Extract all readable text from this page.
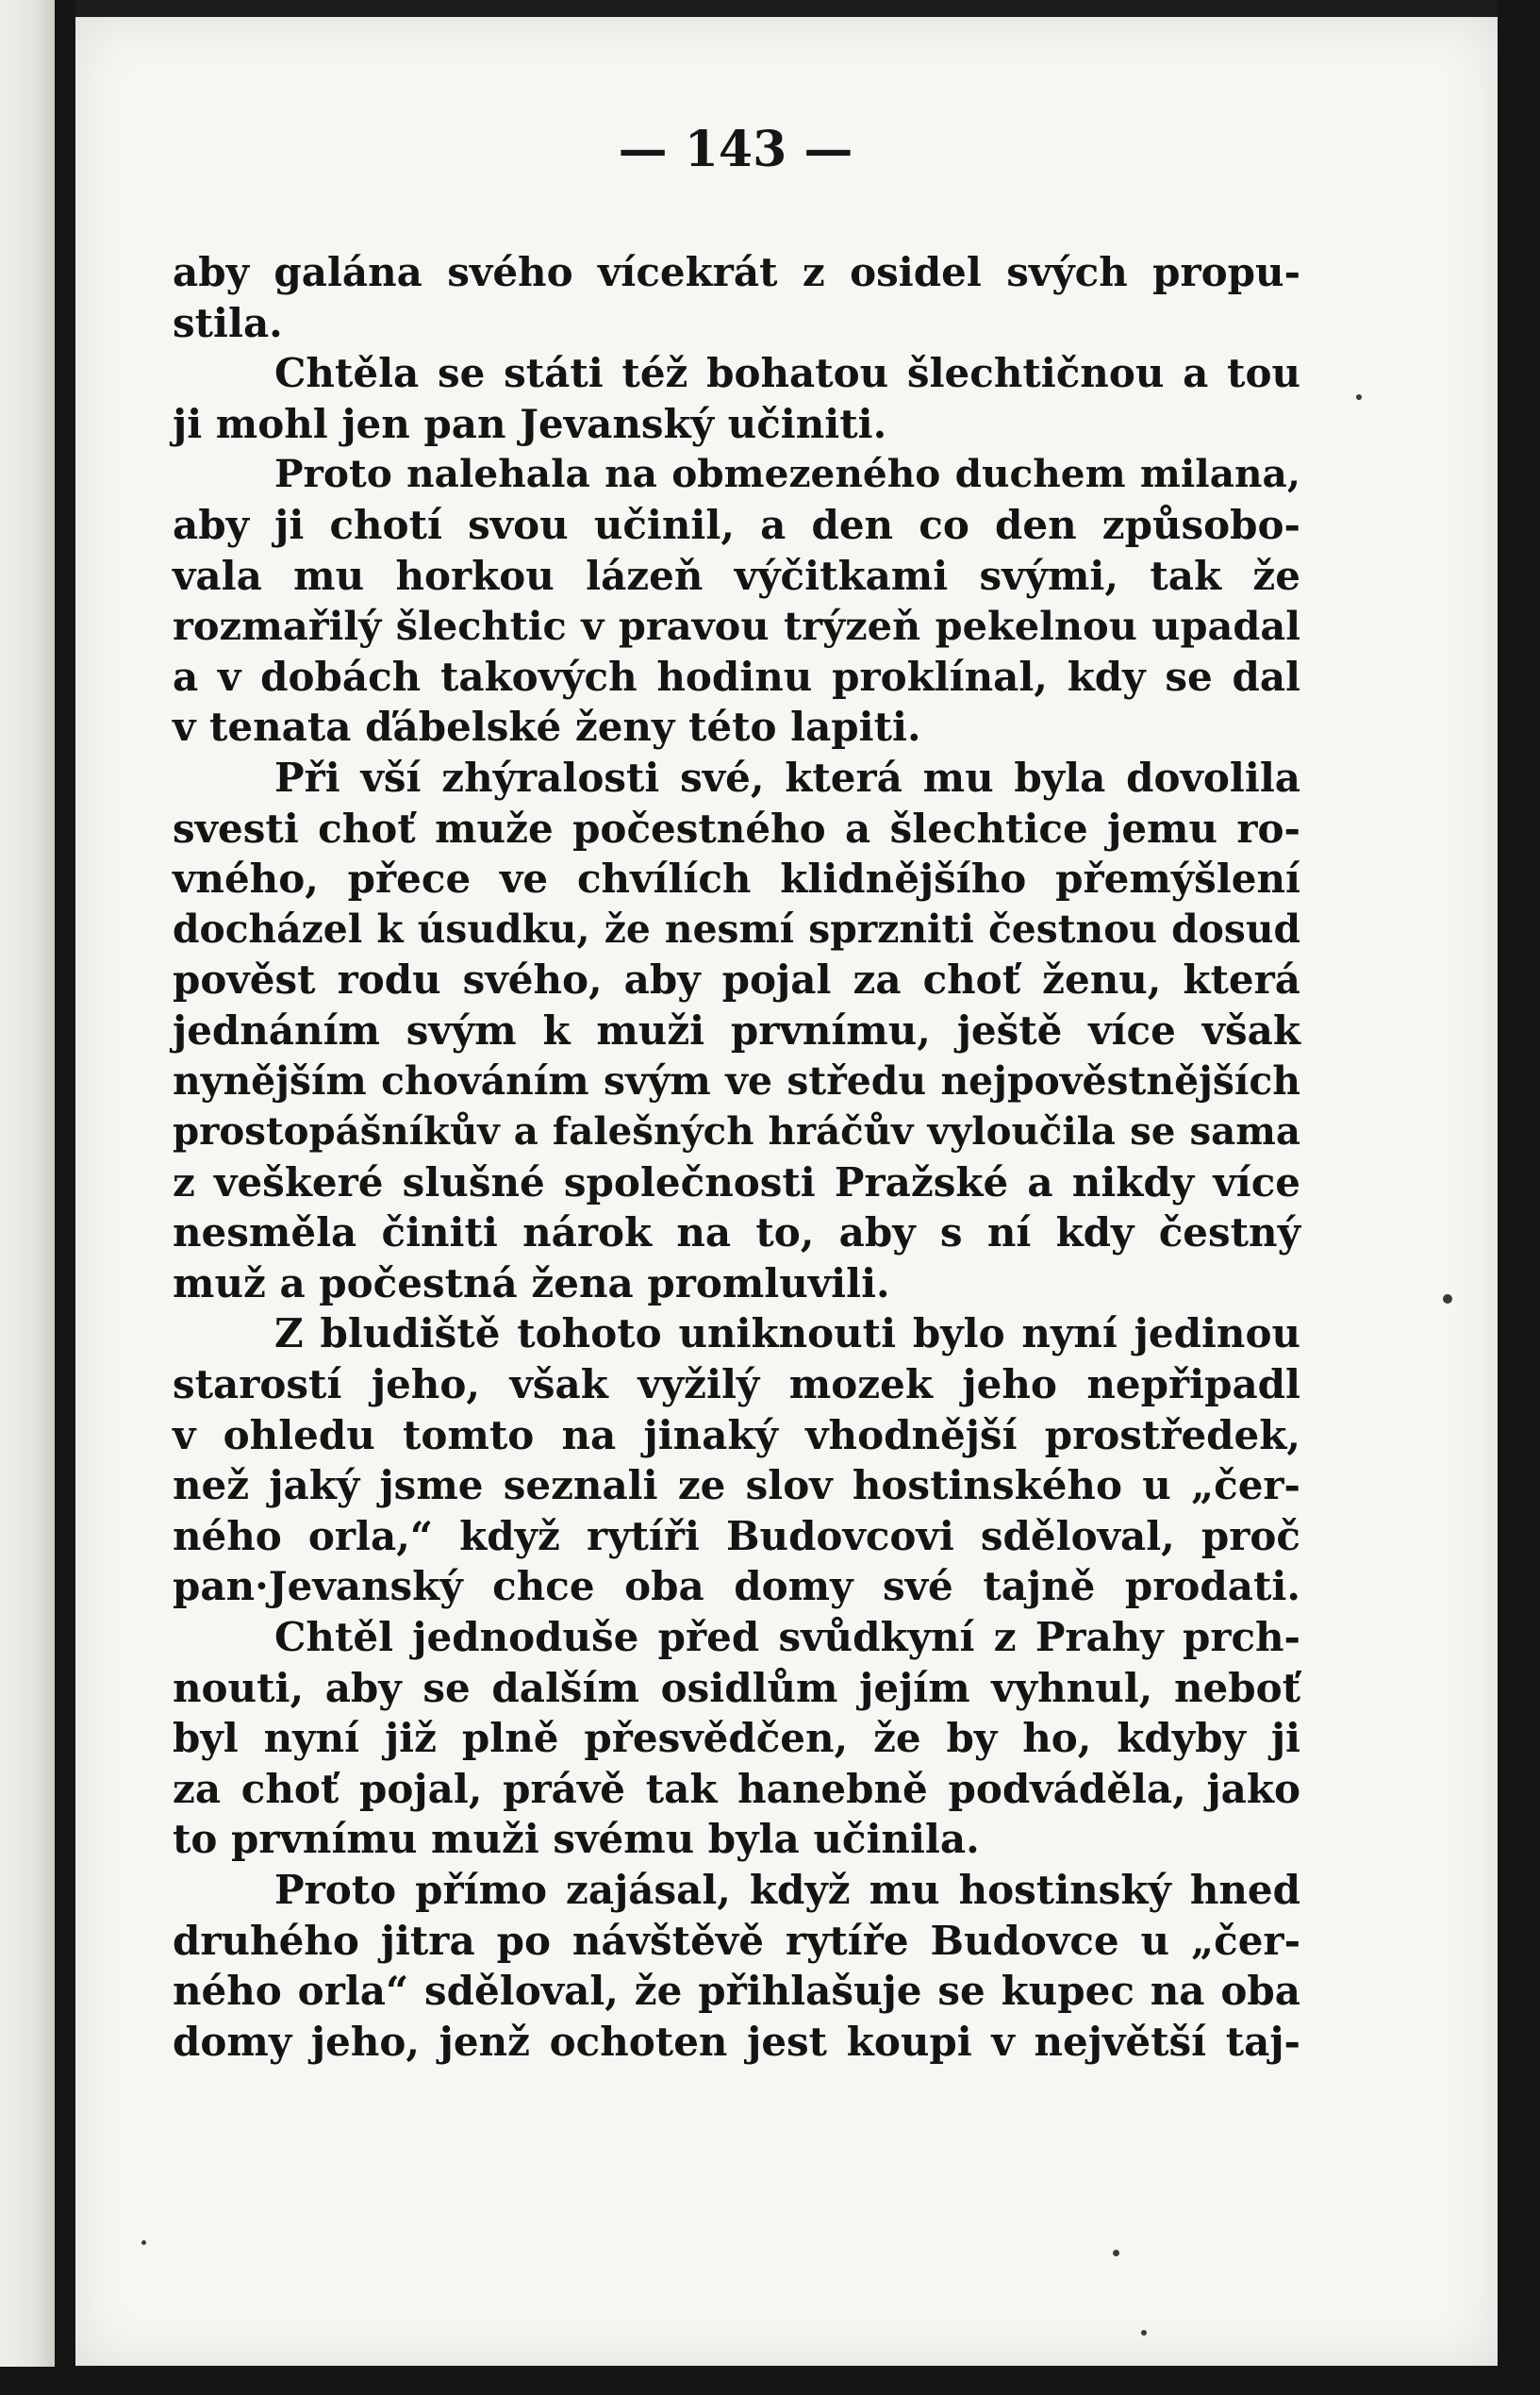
— 143 —
aby galána svého vícekrát z osidel svých propu-
stila.
Chtěla se státi též bohatou šlechtičnou a tou
ji mohl jen pan Jevanský učiniti.
Proto nalehala na obmezeného duchem milana,
aby ji chotí svou učinil, a den co den způsobo-
vala mu horkou lázeň výčitkami svými, tak že
rozmařilý šlechtic v pravou trýzeň pekelnou upadal
a v dobách takových hodinu proklínal, kdy se dal
v tenata ďábelské ženy této lapiti.
Při vší zhýralosti své, která mu byla dovolila
svesti choť muže počestného a šlechtice jemu ro-
vného, přece ve chvílích klidnějšího přemýšlení
docházel k úsudku, že nesmí sprzniti čestnou dosud
pověst rodu svého, aby pojal za choť ženu, která
jednáním svým k muži prvnímu, ještě více však
nynějším chováním svým ve středu nejpověstnějších
prostopášníkův a falešných hráčův vyloučila se sama
z veškeré slušné společnosti Pražské a nikdy více
nesměla činiti nárok na to, aby s ní kdy čestný
muž a počestná žena promluvili.
Z bludiště tohoto uniknouti bylo nyní jedinou
starostí jeho, však vyžilý mozek jeho nepřipadl
v ohledu tomto na jinaký vhodnější prostředek,
než jaký jsme seznali ze slov hostinského u „čer-
ného orla,“ když rytíři Budovcovi sděloval, proč
pan·Jevanský chce oba domy své tajně prodati.
Chtěl jednoduše před svůdkyní z Prahy prch-
nouti, aby se dalším osidlům jejím vyhnul, neboť
byl nyní již plně přesvědčen, že by ho, kdyby ji
za choť pojal, právě tak hanebně podváděla, jako
to prvnímu muži svému byla učinila.
Proto přímo zajásal, když mu hostinský hned
druhého jitra po návštěvě rytíře Budovce u „čer-
ného orla“ sděloval, že přihlašuje se kupec na oba
domy jeho, jenž ochoten jest koupi v největší taj-
